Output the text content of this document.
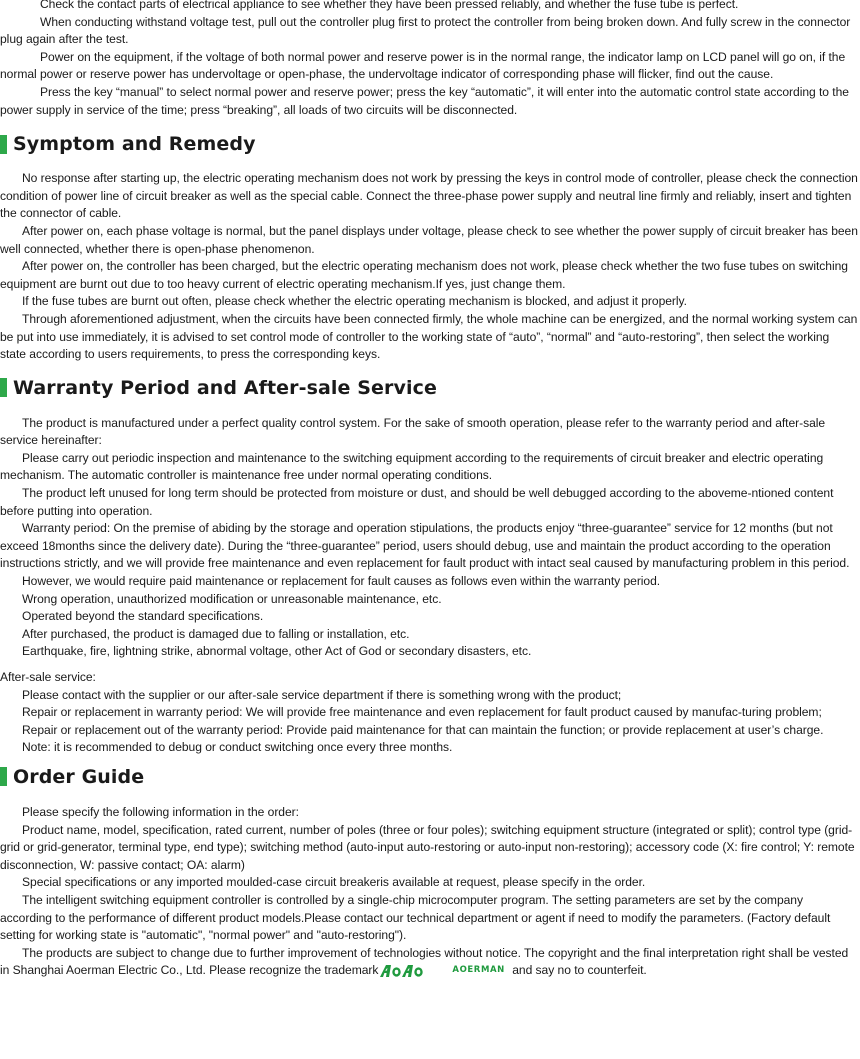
Check the contact parts of electrical appliance to see whether they have been pressed reliably, and whether the fuse tube is perfect.

When conducting withstand voltage test, pull out the controller plug first to protect the controller from being broken down. And fully screw in the connector plug again after the test.

Power on the equipment, if the voltage of both normal power and reserve power is in the normal range, the indicator lamp on LCD panel will go on, if the normal power or reserve power has undervoltage or open-phase, the undervoltage indicator of corresponding phase will flicker, find out the cause.

Press the key “manual” to select normal power and reserve power; press the key “automatic”, it will enter into the automatic control state according to the power supply in service of the time; press “breaking”, all loads of two circuits will be disconnected.

Symptom and Remedy

No response after starting up, the electric operating mechanism does not work by pressing the keys in control mode of controller, please check the connection condition of power line of circuit breaker as well as the special cable. Connect the three-phase power supply and neutral line firmly and reliably, insert and tighten the connector of cable.

After power on, each phase voltage is normal, but the panel displays under voltage, please check to see whether the power supply of circuit breaker has been well connected, whether there is open-phase phenomenon.

After power on, the controller has been charged, but the electric operating mechanism does not work, please check whether the two fuse tubes on switching equipment are burnt out due to too heavy current of electric operating mechanism.If yes, just change them.

If the fuse tubes are burnt out often, please check whether the electric operating mechanism is blocked, and adjust it properly.

Through aforementioned adjustment, when the circuits have been connected firmly, the whole machine can be energized, and the normal working system can be put into use immediately, it is advised to set control mode of controller to the working state of “auto”, “normal” and “auto-restoring”, then select the working state according to users requirements, to press the corresponding keys.

Warranty Period and After-sale Service

The product is manufactured under a perfect quality control system. For the sake of smooth operation, please refer to the warranty period and after-sale service hereinafter:

Please carry out periodic inspection and maintenance to the switching equipment according to the requirements of circuit breaker and electric operating mechanism. The automatic controller is maintenance free under normal operating conditions.

The product left unused for long term should be protected from moisture or dust, and should be well debugged according to the aboveme-ntioned content before putting into operation.

Warranty period: On the premise of abiding by the storage and operation stipulations, the products enjoy “three-guarantee” service for 12 months (but not exceed 18months since the delivery date). During the “three-guarantee” period, users should debug, use and maintain the product according to the operation instructions strictly, and we will provide free maintenance and even replacement for fault product with intact seal caused by manufacturing problem in this period.

However, we would require paid maintenance or replacement for fault causes as follows even within the warranty period.

Wrong operation, unauthorized modification or unreasonable maintenance, etc.

Operated beyond the standard specifications.

After purchased, the product is damaged due to falling or installation, etc.

Earthquake, fire, lightning strike, abnormal voltage, other Act of God or secondary disasters, etc.

After-sale service:

Please contact with the supplier or our after-sale service department if there is something wrong with the product;

Repair or replacement in warranty period: We will provide free maintenance and even replacement for fault product caused by manufac-turing problem;

Repair or replacement out of the warranty period: Provide paid maintenance for that can maintain the function; or provide replacement at user’s charge.

Note: it is recommended to debug or conduct switching once every three months.

Order Guide

Please specify the following information in the order:

Product name, model, specification, rated current, number of poles (three or four poles); switching equipment structure (integrated or split); control type (grid-grid or grid-generator, terminal type, end type); switching method (auto-input auto-restoring or auto-input non-restoring); accessory code (X: fire control; Y: remote disconnection, W: passive contact; OA: alarm)

Special specifications or any imported moulded-case circuit breakeris available at request, please specify in the order.

The intelligent switching equipment controller is controlled by a single-chip microcomputer program. The setting parameters are set by the company according to the performance of different product models.Please contact our technical department or agent if need to modify the parameters. (Factory default setting for working state is "automatic", "normal power" and "auto-restoring").

The products are subject to change due to further improvement of technologies without notice. The copyright and the final interpretation right shall be vested in Shanghai Aoerman Electric Co., Ltd. Please recognize the trademark	AOERMAN and say no to counterfeit.
